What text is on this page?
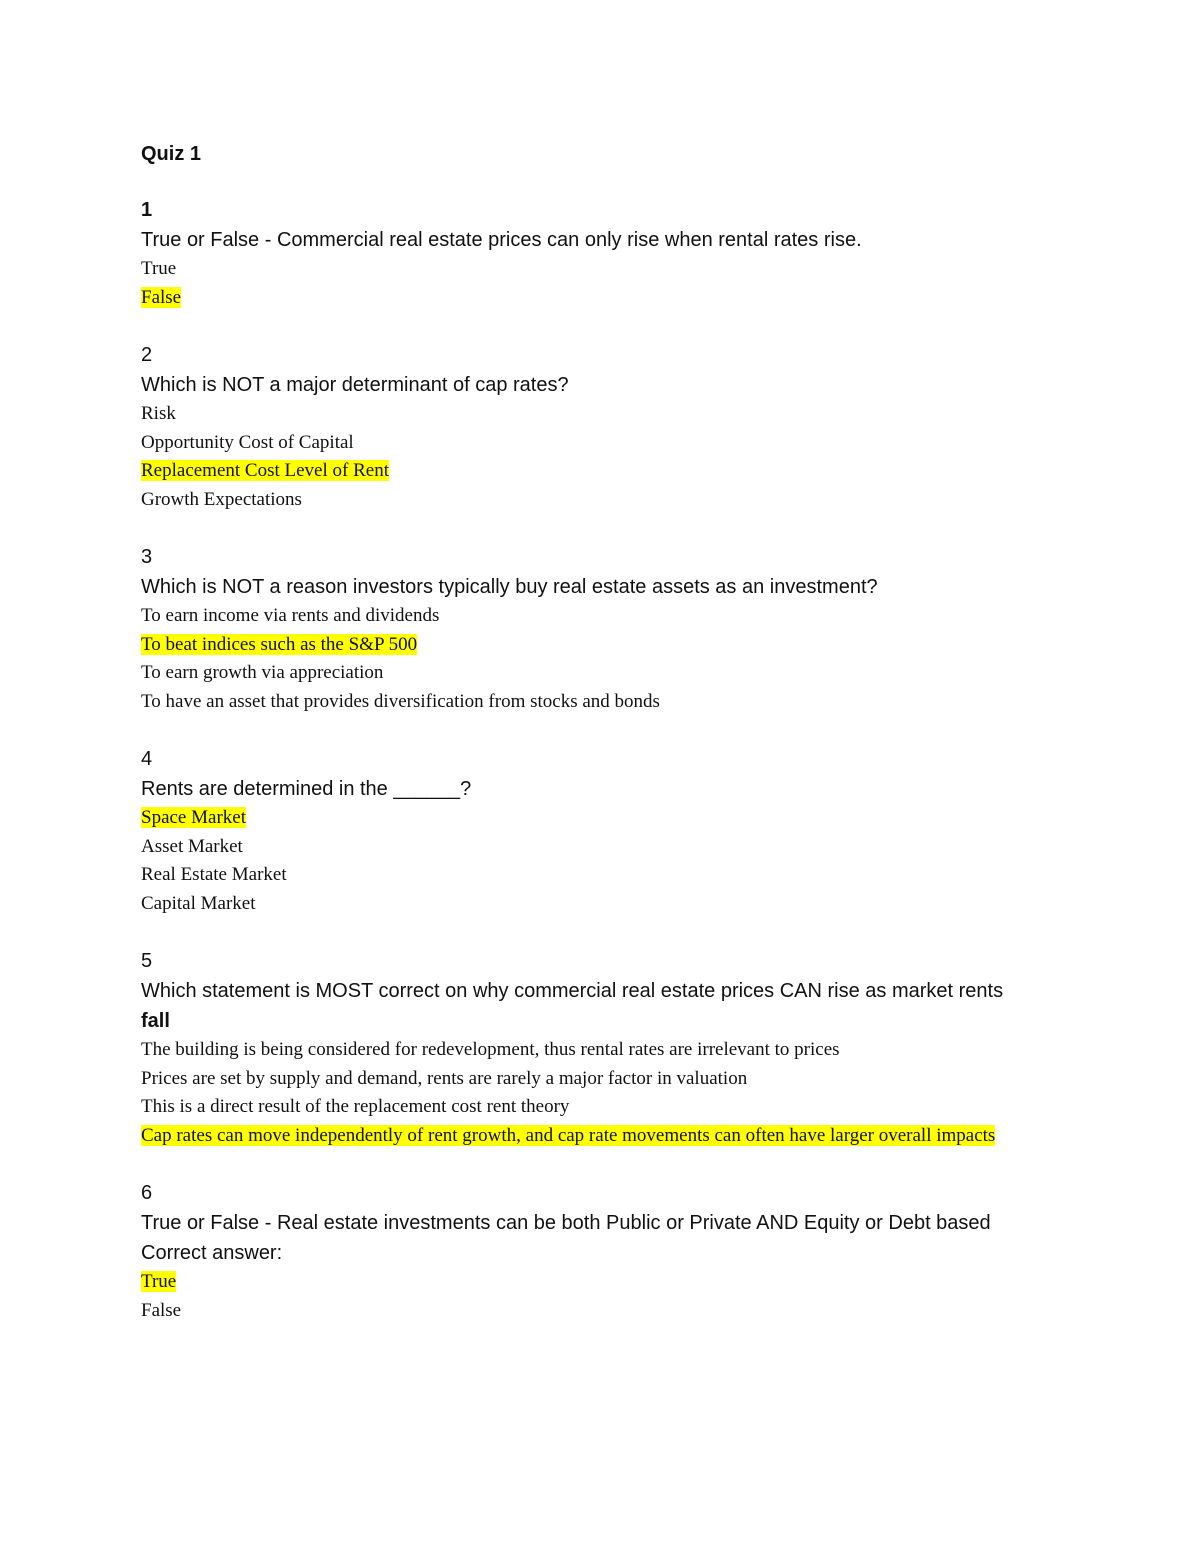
Quiz 1
1
True or False - Commercial real estate prices can only rise when rental rates rise.
True
False
2
Which is NOT a major determinant of cap rates?
Risk
Opportunity Cost of Capital
Replacement Cost Level of Rent
Growth Expectations
3
Which is NOT a reason investors typically buy real estate assets as an investment?
To earn income via rents and dividends
To beat indices such as the S&P 500
To earn growth via appreciation
To have an asset that provides diversification from stocks and bonds
4
Rents are determined in the ______?
Space Market
Asset Market
Real Estate Market
Capital Market
5
Which statement is MOST correct on why commercial real estate prices CAN rise as market rents
fall
The building is being considered for redevelopment, thus rental rates are irrelevant to prices
Prices are set by supply and demand, rents are rarely a major factor in valuation
This is a direct result of the replacement cost rent theory
Cap rates can move independently of rent growth, and cap rate movements can often have larger overall impacts
6
True or False - Real estate investments can be both Public or Private AND Equity or Debt based
Correct answer:
True
False
